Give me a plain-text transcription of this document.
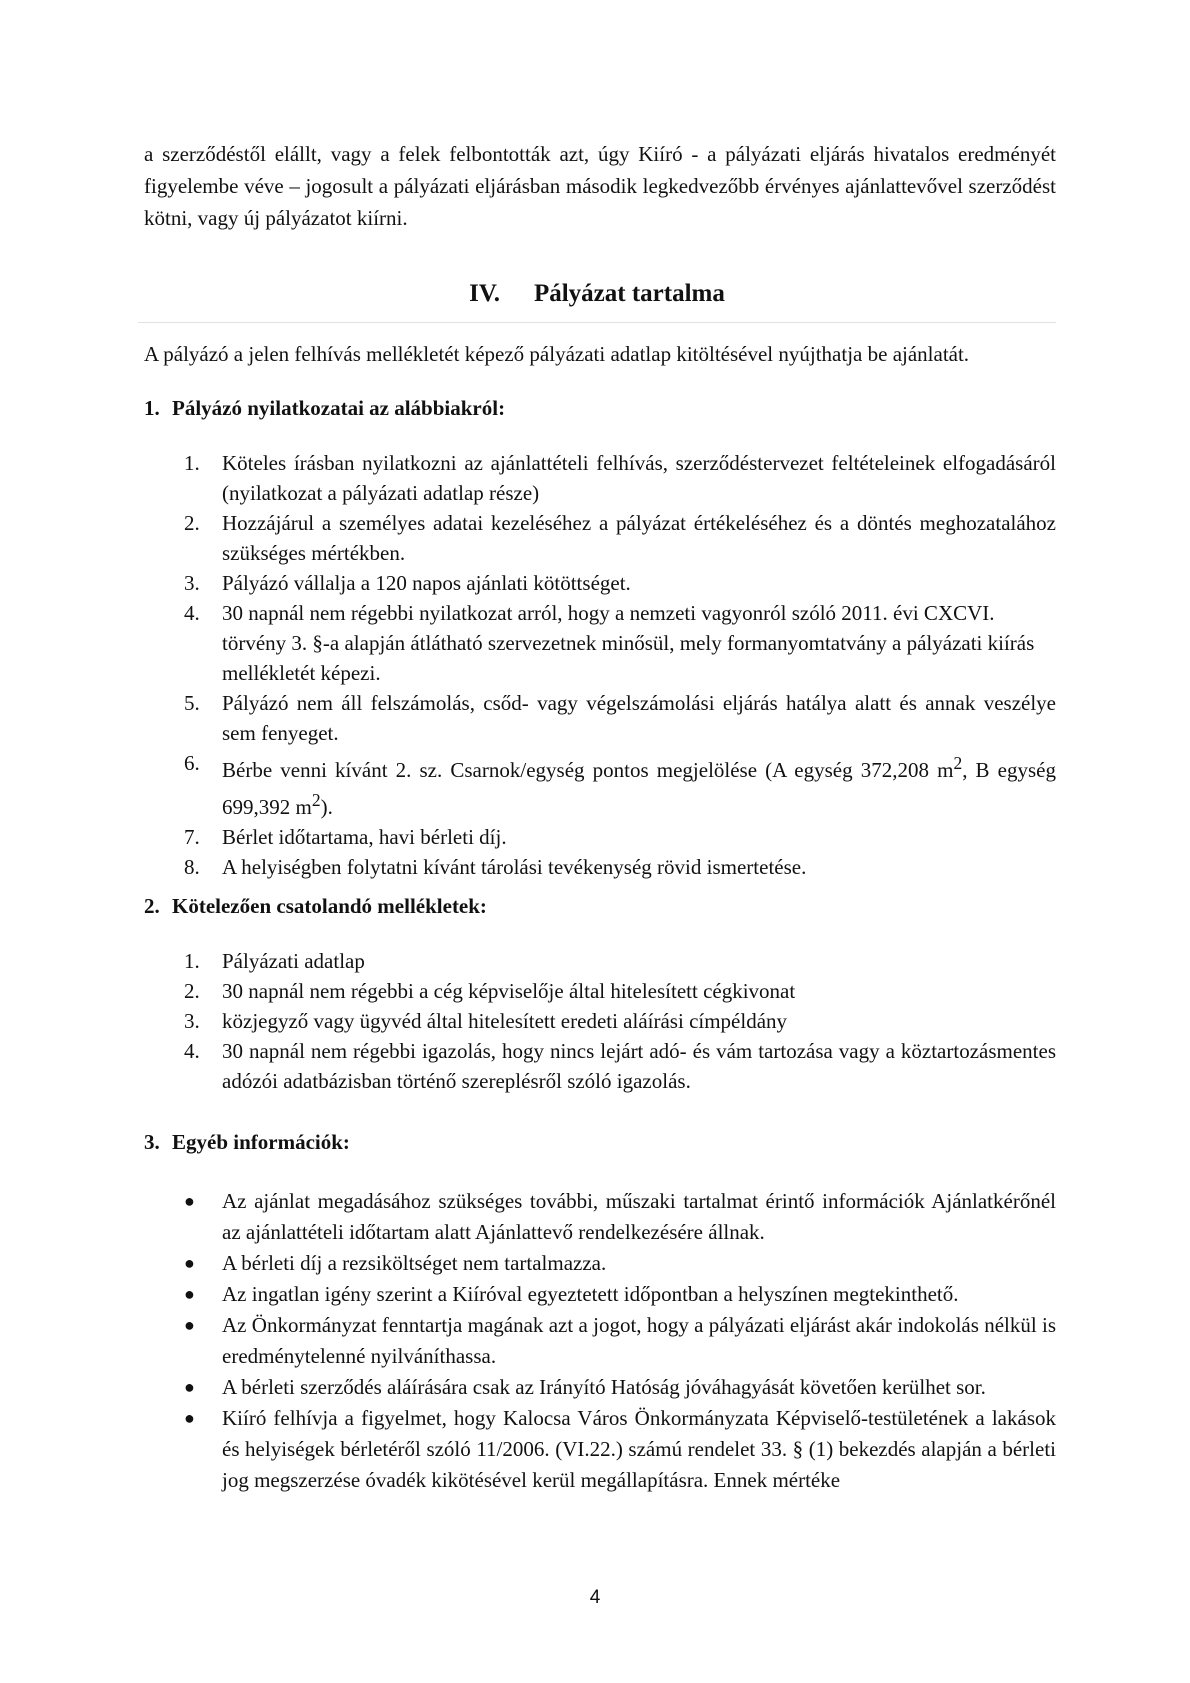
a szerződéstől elállt, vagy a felek felbontották azt, úgy Kiíró - a pályázati eljárás hivatalos eredményét figyelembe véve – jogosult a pályázati eljárásban második legkedvezőbb érvényes ajánlattevővel szerződést kötni, vagy új pályázatot kiírni.

IV. Pályázat tartalma

A pályázó a jelen felhívás mellékletét képező pályázati adatlap kitöltésével nyújthatja be ajánlatát.

1. Pályázó nyilatkozatai az alábbiakról:

1.	Köteles írásban nyilatkozni az ajánlattételi felhívás, szerződéstervezet feltételeinek elfogadásáról (nyilatkozat a pályázati adatlap része)
2.	Hozzájárul a személyes adatai kezeléséhez a pályázat értékeléséhez és a döntés meghozatalához szükséges mértékben.
3.	Pályázó vállalja a 120 napos ajánlati kötöttséget.
4.	30 napnál nem régebbi nyilatkozat arról, hogy a nemzeti vagyonról szóló 2011. évi CXCVI. törvény 3. §-a alapján átlátható szervezetnek minősül, mely formanyomtatvány a pályázati kiírás mellékletét képezi.
5.	Pályázó nem áll felszámolás, csőd- vagy végelszámolási eljárás hatálya alatt és annak veszélye sem fenyeget.
6.	Bérbe venni kívánt 2. sz. Csarnok/egység pontos megjelölése (A egység 372,208 $m^2$, B egység 699,392 $m^2$).
7.	Bérlet időtartama, havi bérleti díj.
8.	A helyiségben folytatni kívánt tárolási tevékenység rövid ismertetése.

2. Kötelezően csatolandó mellékletek:

1.	Pályázati adatlap
2.	30 napnál nem régebbi a cég képviselője által hitelesített cégkivonat
3.	közjegyző vagy ügyvéd által hitelesített eredeti aláírási címpéldány
4.	30 napnál nem régebbi igazolás, hogy nincs lejárt adó- és vám tartozása vagy a köztartozásmentes adózói adatbázisban történő szereplésről szóló igazolás.

3. Egyéb információk:

●	Az ajánlat megadásához szükséges további, műszaki tartalmat érintő információk Ajánlatkérőnél az ajánlattételi időtartam alatt Ajánlattevő rendelkezésére állnak.
●	A bérleti díj a rezsiköltséget nem tartalmazza.
●	Az ingatlan igény szerint a Kiíróval egyeztetett időpontban a helyszínen megtekinthető.
●	Az Önkormányzat fenntartja magának azt a jogot, hogy a pályázati eljárást akár indokolás nélkül is eredménytelenné nyilváníthassa.
●	A bérleti szerződés aláírására csak az Irányító Hatóság jóváhagyását követően kerülhet sor.
●	Kiíró felhívja a figyelmet, hogy Kalocsa Város Önkormányzata Képviselő-testületének a lakások és helyiségek bérletéről szóló 11/2006. (VI.22.) számú rendelet 33. § (1) bekezdés alapján a bérleti jog megszerzése óvadék kikötésével kerül megállapításra. Ennek mértéke
4
